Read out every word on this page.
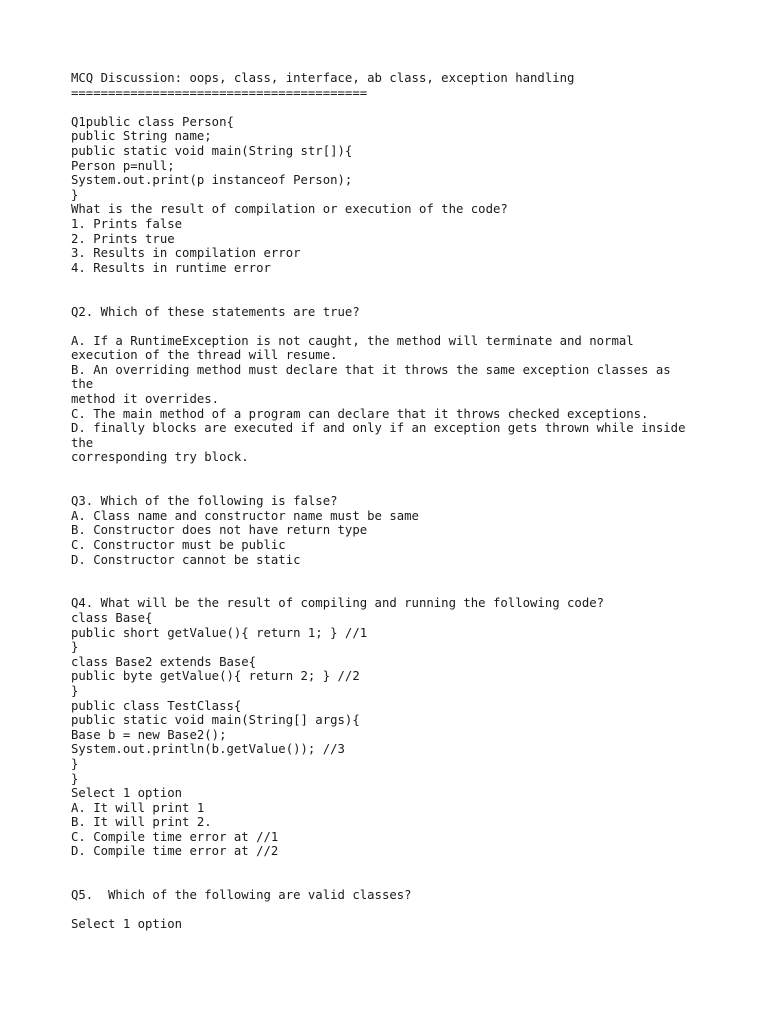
MCQ Discussion: oops, class, interface, ab class, exception handling
========================================
Q1public class Person{
public String name;
public static void main(String str[]){
Person p=null;
System.out.print(p instanceof Person);
}
What is the result of compilation or execution of the code?
1. Prints false
2. Prints true
3. Results in compilation error
4. Results in runtime error
Q2. Which of these statements are true?
A. If a RuntimeException is not caught, the method will terminate and normal
execution of the thread will resume.
B. An overriding method must declare that it throws the same exception classes as
the
method it overrides.
C. The main method of a program can declare that it throws checked exceptions.
D. finally blocks are executed if and only if an exception gets thrown while inside
the
corresponding try block.
Q3. Which of the following is false?
A. Class name and constructor name must be same
B. Constructor does not have return type
C. Constructor must be public
D. Constructor cannot be static
Q4. What will be the result of compiling and running the following code?
class Base{
public short getValue(){ return 1; } //1
}
class Base2 extends Base{
public byte getValue(){ return 2; } //2
}
public class TestClass{
public static void main(String[] args){
Base b = new Base2();
System.out.println(b.getValue()); //3
}
}
Select 1 option
A. It will print 1
B. It will print 2.
C. Compile time error at //1
D. Compile time error at //2
Q5.  Which of the following are valid classes?
Select 1 option
